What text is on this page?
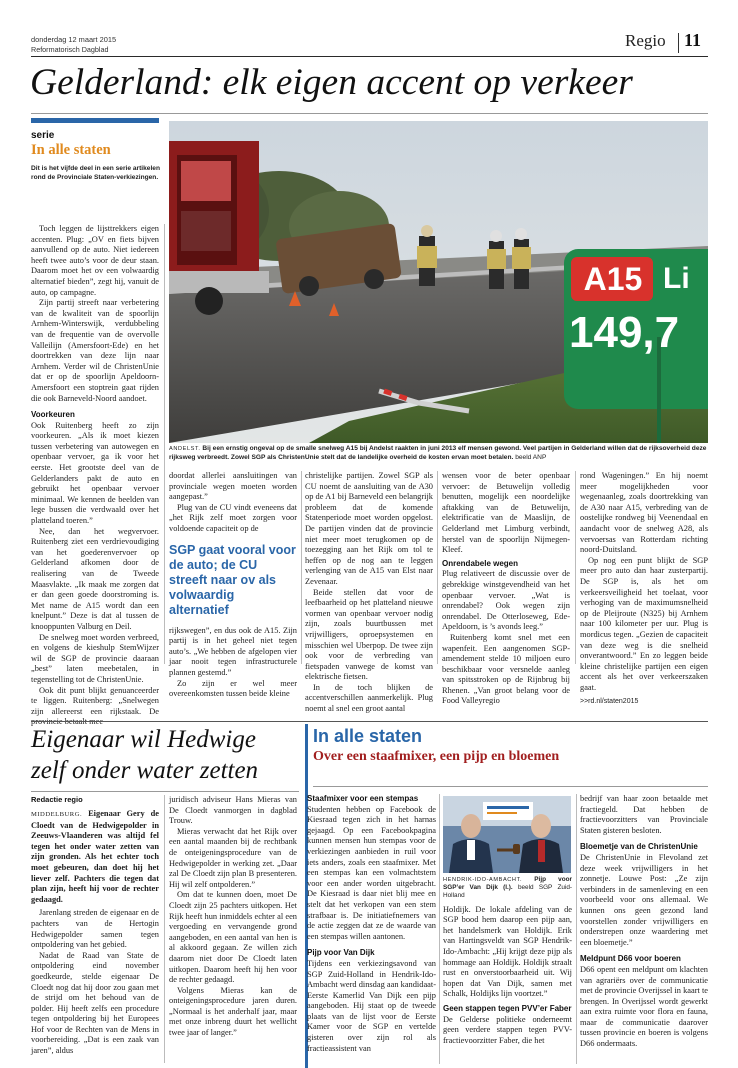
donderdag 12 maart 2015
Reformatorisch Dagblad	Regio 11
Gelderland: elk eigen accent op verkeer
serie
In alle staten
Dit is het vijfde deel in een serie artikelen rond de Provinciale Staten-verkiezingen.
A15 Li
149,7
ANDELST. Bij een ernstig ongeval op de smalle snelweg A15 bij Andelst raakten in juni 2013 elf mensen gewond. Veel partijen in Gelderland willen dat de rijksoverheid deze rijksweg verbreedt. Zowel SGP als ChristenUnie stelt dat de landelijke overheid de kosten ervan moet betalen. beeld ANP

Toch leggen de lijsttrekkers eigen accenten. Plug: „OV en fiets bijven aanvullend op de auto. Niet iedereen heeft twee auto’s voor de deur staan. Daarom moet het ov een volwaardig alternatief bieden”, zegt hij, vanuit de auto, op campagne.

Zijn partij streeft naar verbetering van de kwaliteit van de spoorlijn Arnhem-Winterswijk, verdubbeling van de frequentie van de overvolle Valleilijn (Amersfoort-Ede) en het doortrekken van deze lijn naar Arnhem. Verder wil de ChristenUnie dat er op de spoorlijn Apeldoorn-Amersfoort een stoptrein gaat rijden die ook Barneveld-Noord aandoet.

Voorkeuren

Ook Ruitenberg heeft zo zijn voorkeuren. „Als ik moet kiezen tussen verbetering van autowegen en openbaar vervoer, ga ik voor het eerste. Het grootste deel van de Gelderlanders pakt de auto en gebruikt het openbaar vervoer minimaal. We kennen de beelden van lege bussen die verdwaald over het platteland toeren.”

Nee, dan het wegvervoer. Ruitenberg ziet een verdrievoudiging van het goederenvervoer op Gelderland afkomen door de realisering van de Tweede Maasvlakte. „Ik maak me zorgen dat er dan geen goede doorstroming is. Met name de A15 wordt dan een knelpunt.” Deze is dat al tussen de knooppunten Valburg en Deil.

De snelweg moet worden verbreed, en volgens de kieshulp StemWijzer wil de SGP de provincie daaraan „best” laten meebetalen, in tegenstelling tot de ChristenUnie.

Ook dit punt blijkt genuanceerder te liggen. Ruitenberg: „Snelwegen zijn allereerst een rijkstaak. De

doordat allerlei aansluitingen van provinciale wegen moeten worden aangepast.”

Plug van de CU vindt eveneens dat „het Rijk zelf moet zorgen voor voldoende capaciteit op de

SGP gaat vooral voor de auto; de CU streeft naar ov als volwaardig alternatief

rijkswegen”, en dus ook de A15. Zijn partij is in het geheel niet tegen auto’s. „We hebben de afgelopen vier jaar nooit tegen infrastructurele plannen gestemd.”

Zo zijn er wel meer overeenkomsten tussen beide kleine

christelijke partijen. Zowel SGP als CU noemt de aansluiting van de A30 op de A1 bij Barneveld een belangrijk probleem dat de komende Statenperiode moet worden opgelost. De partijen vinden dat de provincie niet meer moet terugkomen op de toezegging aan het Rijk om tol te heffen op de nog aan te leggen verlenging van de A15 van Elst naar Zevenaar.

Beide stellen dat voor de leefbaarheid op het platteland nieuwe vormen van openbaar vervoer nodig zijn, zoals buurtbussen met vrijwilligers, oproepsystemen en misschien wel Uberpop. De twee zijn ook voor de verbreding van fietspaden vanwege de komst van elektrische fietsen.

In de toch blijken de accentverschillen aanmerkelijk. Plug noemt al snel een groot aantal

wensen voor de beter openbaar vervoer: de Betuwelijn volledig benutten, mogelijk een noordelijke aftakking van de Betuwelijn, elektrificatie van de Maaslijn, de Gelderland met Limburg verbindt, herstel van de spoorlijn Nijmegen-Kleef.

Onrendabele wegen

Plug relativeert de discussie over de gebrekkige winstgevendheid van het openbaar vervoer. „Wat is onrendabel? Ook wegen zijn onrendabel. De Otterloseweg, Ede-Apeldoorn, is ’s avonds leeg.”

Ruitenberg komt snel met een wapenfeit. Een aangenomen SGP-amendement stelde 10 miljoen euro beschikbaar voor versnelde aanleg van spitsstroken op de Rijnbrug bij Rhenen. „Van groot belang voor de Food Valleyregio

rond Wageningen.” En hij noemt meer mogelijkheden voor wegenaanleg, zoals doortrekking van de A30 naar A15, verbreding van de oostelijke rondweg bij Veenendaal en aandacht voor de snelweg A28, als vervoersas van Rotterdam richting noord-Duitsland.

Op nog een punt blijkt de SGP meer pro auto dan haar zusterpartij. De SGP is, als het om verkeersveiligheid het toelaat, voor verhoging van de maximumsnelheid op de Pleijroute (N325) bij Arnhem naar 100 kilometer per uur. Plug is mordicus tegen. „Gezien de capaciteit van deze weg is die snelheid onverantwoord.” En zo leggen beide kleine christelijke partijen een eigen accent als het over verkeerszaken gaat.

>>rd.nl/staten2015

Eigenaar wil Hedwige
zelf onder water zetten
Redactie regio

MIDDELBURG. Eigenaar Gery de Cloedt van de Hedwigepolder in Zeeuws-Vlaanderen was altijd fel tegen het onder water zetten van zijn gronden. Als het echter toch moet gebeuren, dan doet hij het liever zelf. Pachters die tegen dat plan zijn, heeft hij voor de rechter gedaagd.

Jarenlang streden de eigenaar en de pachters van de Hertogin Hedwigepolder samen tegen ontpoldering van het gebied.

Nadat de Raad van State de ontpoldering eind november goedkeurde, stelde eigenaar De Cloedt nog dat hij door zou gaan met de strijd om het behoud van de polder. Hij heeft zelfs een procedure tegen ontpoldering bij het Europees Hof voor de Rechten van de Mens in voorbereiding. „Dat is een zaak van jaren”, aldus

juridisch adviseur Hans Mieras van De Cloedt vanmorgen in dagblad Trouw.

Mieras verwacht dat het Rijk over een aantal maanden bij de rechtbank de onteigeningsprocedure van de Hedwigepolder in werking zet. „Daar zal De Cloedt zijn plan B presenteren. Hij wil zelf ontpolderen.”

Om dat te kunnen doen, moet De Cloedt zijn 25 pachters uitkopen. Het Rijk heeft hun inmiddels echter al een vergoeding en vervangende grond aangeboden, en een aantal van hen is al akkoord gegaan. Ze willen zich daarom niet door De Cloedt laten uitkopen. Daarom heeft hij hen voor de rechter gedaagd.

Volgens Mieras kan de onteigeningsprocedure jaren duren. „Normaal is het anderhalf jaar, maar met onze inbreng duurt het wellicht twee jaar of langer.”

In alle staten
Over een staafmixer, een pijp en bloemen

Staafmixer voor een stempas

Studenten hebben op Facebook de Kiesraad tegen zich in het harnas gejaagd. Op een Facebookpagina kunnen mensen hun stempas voor de verkiezingen aanbieden in ruil voor iets anders, zoals een staafmixer. Met een stempas kan een volmachtstem voor een ander worden uitgebracht. De Kiesraad is daar niet blij mee en stelt dat het verkopen van een stem strafbaar is. De initiatiefnemers van de actie zeggen dat ze de waarde van een stempas willen aantonen.

Pijp voor Van Dijk

Tijdens een verkiezingsavond van SGP Zuid-Holland in Hendrik-Ido-Ambacht werd dinsdag aan kandidaat-Eerste Kamerlid Van Dijk een pijp aangeboden. Hij staat op de tweede plaats van de lijst voor de Eerste Kamer voor de SGP en vertelde gisteren over zijn rol als fractieassistent van

HENDRIK-IDO-AMBACHT. Pijp voor SGP’er Van Dijk (l.). beeld SGP Zuid-Holland

Holdijk. De lokale afdeling van de SGP bood hem daarop een pijp aan, het handelsmerk van Holdijk. Erik van Hartingsveldt van SGP Hendrik-Ido-Ambacht: „Hij krijgt deze pijp als hommage aan Holdijk. Holdijk straalt rust en onverstoorbaarheid uit. Wij hopen dat Van Dijk, samen met Schalk, Holdijks lijn voortzet.”

Geen stappen tegen PVV’er Faber

De Gelderse politieke onderneemt geen verdere stappen tegen PVV-fractievoorzitter Faber, die het

bedrijf van haar zoon betaalde met fractiegeld. Dat hebben de fractievoorzitters van Provinciale Staten gisteren besloten.

Bloemetje van de ChristenUnie

De ChristenUnie in Flevoland zet deze week vrijwilligers in het zonnetje. Louwe Post: „Ze zijn verbinders in de samenleving en een voorbeeld voor ons allemaal. We kunnen ons geen gezond land voorstellen zonder vrijwilligers en onderstrepen onze waardering met een bloemetje.”

Meldpunt D66 voor boeren

D66 opent een meldpunt om klachten van agrariërs over de communicatie met de provincie Overijssel in kaart te brengen. In Overijssel wordt gewerkt aan extra ruimte voor flora en fauna, maar de communicatie daarover tussen provincie en boeren is volgens D66 ondermaats.
